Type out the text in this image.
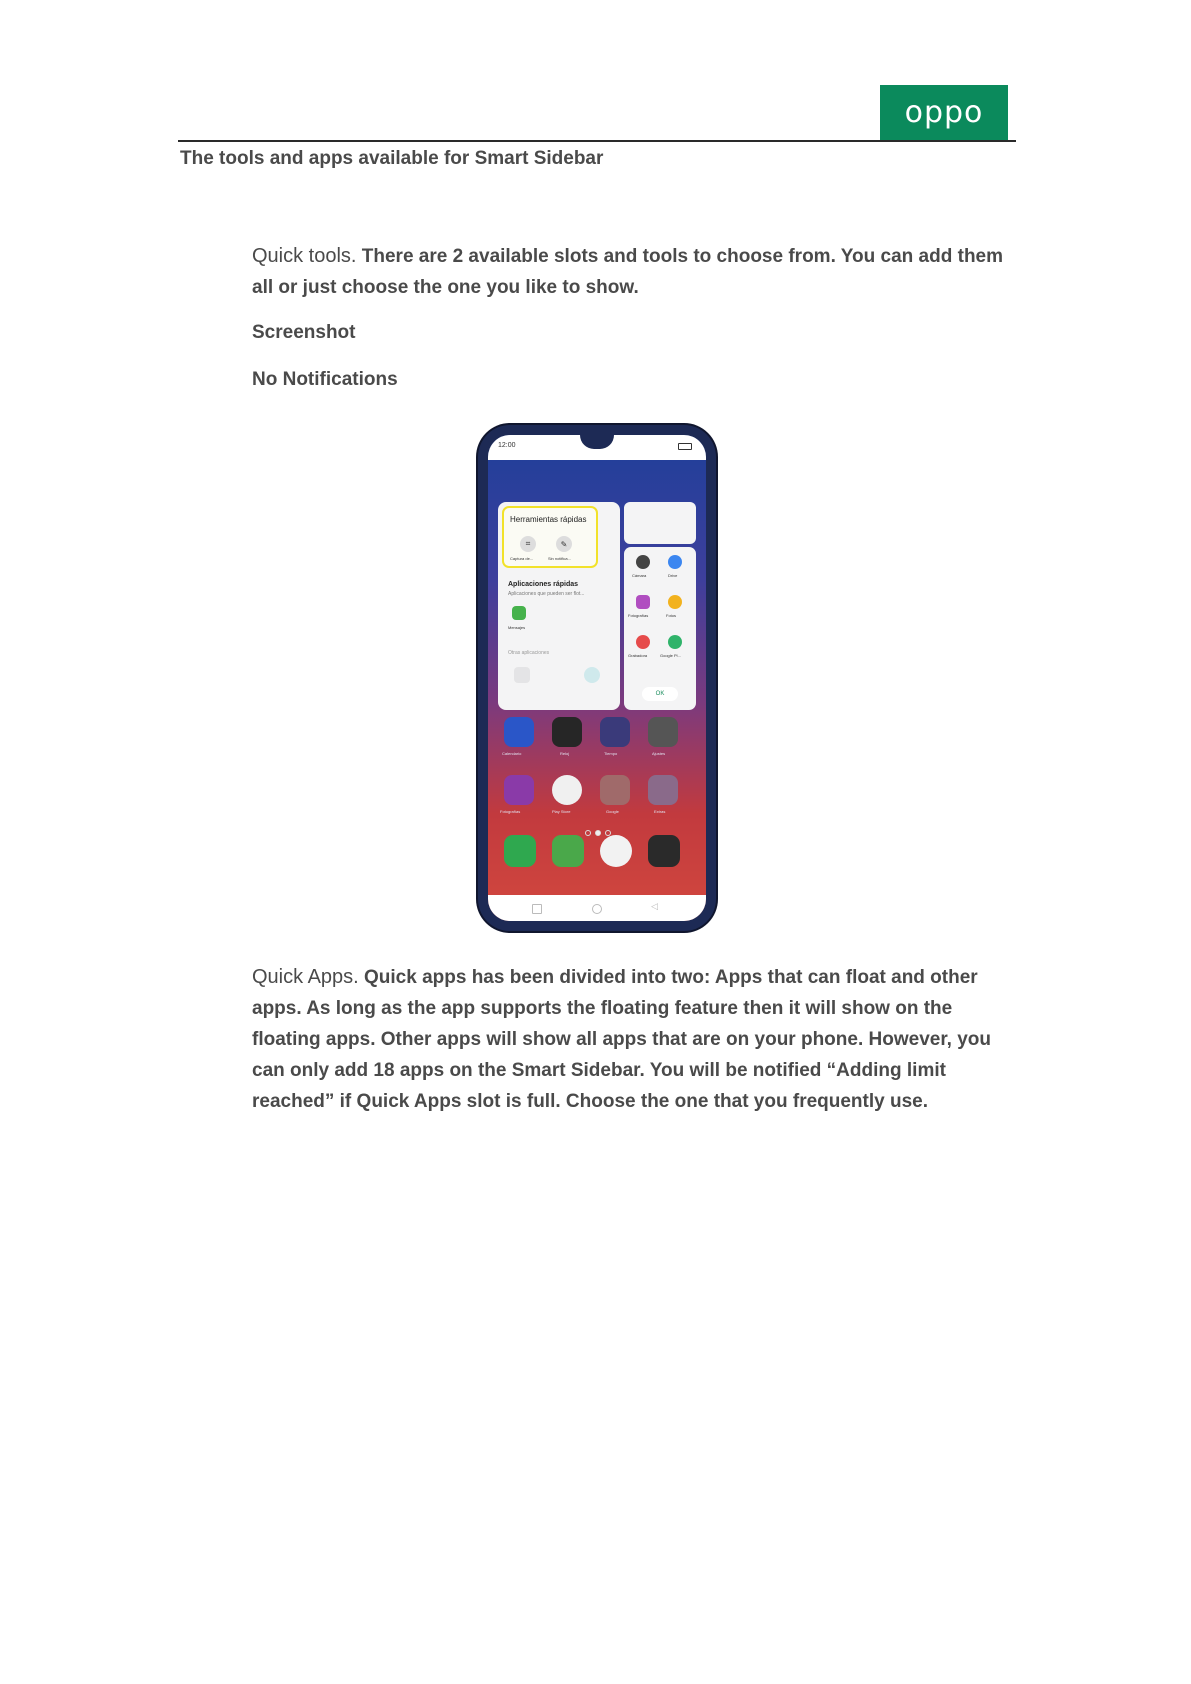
oppo
The tools and apps available for Smart Sidebar
Quick tools. There are 2 available slots and tools to choose from. You can add them all or just choose the one you like to show.
Screenshot
No Notifications
12:00
Herramientas rápidas
⌗	✎
Captura de...	Sin notifica...
Aplicaciones rápidas
Aplicaciones que pueden ser flot...
Mensajes
Otras aplicaciones
Cámara	Drive
Fotografías	Fotos
Grabadora	Google Pl...
OK
Calendario	Reloj	Tiempo	Ajustes
Fotografías	Play Store	Google	Extras
◁
Quick Apps. Quick apps has been divided into two: Apps that can float and other apps. As long as the app supports the floating feature then it will show on the floating apps. Other apps will show all apps that are on your phone. However, you can only add 18 apps on the Smart Sidebar. You will be notified “Adding limit reached” if Quick Apps slot is full. Choose the one that you frequently use.
